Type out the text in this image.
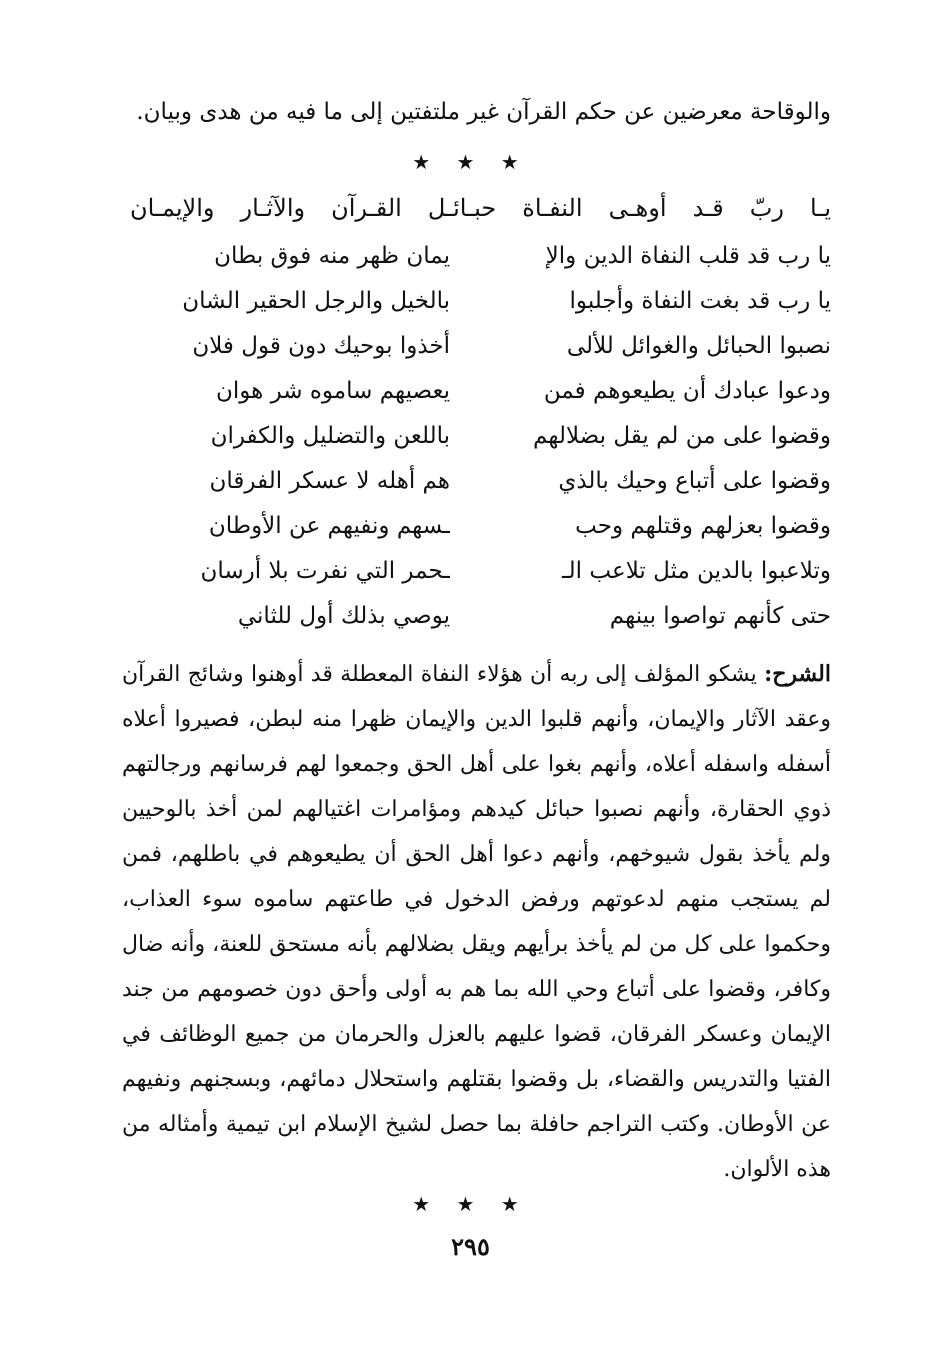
والوقاحة معرضين عن حكم القرآن غير ملتفتين إلى ما فيه من هدى وبيان.
★ ★ ★
يـا ربّ قـد أوهـى النفـاة حبـائـل القـرآن والآثـار والإيمـان
يا رب قد قلب النفاة الدين والإ
يمان ظهر منه فوق بطان
يا رب قد بغت النفاة وأجلبوا
بالخيل والرجل الحقير الشان
نصبوا الحبائل والغوائل للألى
أخذوا بوحيك دون قول فلان
ودعوا عبادك أن يطيعوهم فمن
يعصيهم ساموه شر هوان
وقضوا على من لم يقل بضلالهم
باللعن والتضليل والكفران
وقضوا على أتباع وحيك بالذي
هم أهله لا عسكر الفرقان
وقضوا بعزلهم وقتلهم وحب
ـسهم ونفيهم عن الأوطان
وتلاعبوا بالدين مثل تلاعب الـ
ـحمر التي نفرت بلا أرسان
حتى كأنهم تواصوا بينهم
يوصي بذلك أول للثاني
الشرح: يشكو المؤلف إلى ربه أن هؤلاء النفاة المعطلة قد أوهنوا وشائج القرآن وعقد الآثار والإيمان، وأنهم قلبوا الدين والإيمان ظهرا منه لبطن، فصيروا أعلاه أسفله واسفله أعلاه، وأنهم بغوا على أهل الحق وجمعوا لهم فرسانهم ورجالتهم ذوي الحقارة، وأنهم نصبوا حبائل كيدهم ومؤامرات اغتيالهم لمن أخذ بالوحيين ولم يأخذ بقول شيوخهم، وأنهم دعوا أهل الحق أن يطيعوهم في باطلهم، فمن لم يستجب منهم لدعوتهم ورفض الدخول في طاعتهم ساموه سوء العذاب، وحكموا على كل من لم يأخذ برأيهم ويقل بضلالهم بأنه مستحق للعنة، وأنه ضال وكافر، وقضوا على أتباع وحي الله بما هم به أولى وأحق دون خصومهم من جند الإيمان وعسكر الفرقان، قضوا عليهم بالعزل والحرمان من جميع الوظائف في الفتيا والتدريس والقضاء، بل وقضوا بقتلهم واستحلال دمائهم، وبسجنهم ونفيهم عن الأوطان. وكتب التراجم حافلة بما حصل لشيخ الإسلام ابن تيمية وأمثاله من هذه الألوان.
★ ★ ★
٢٩٥
